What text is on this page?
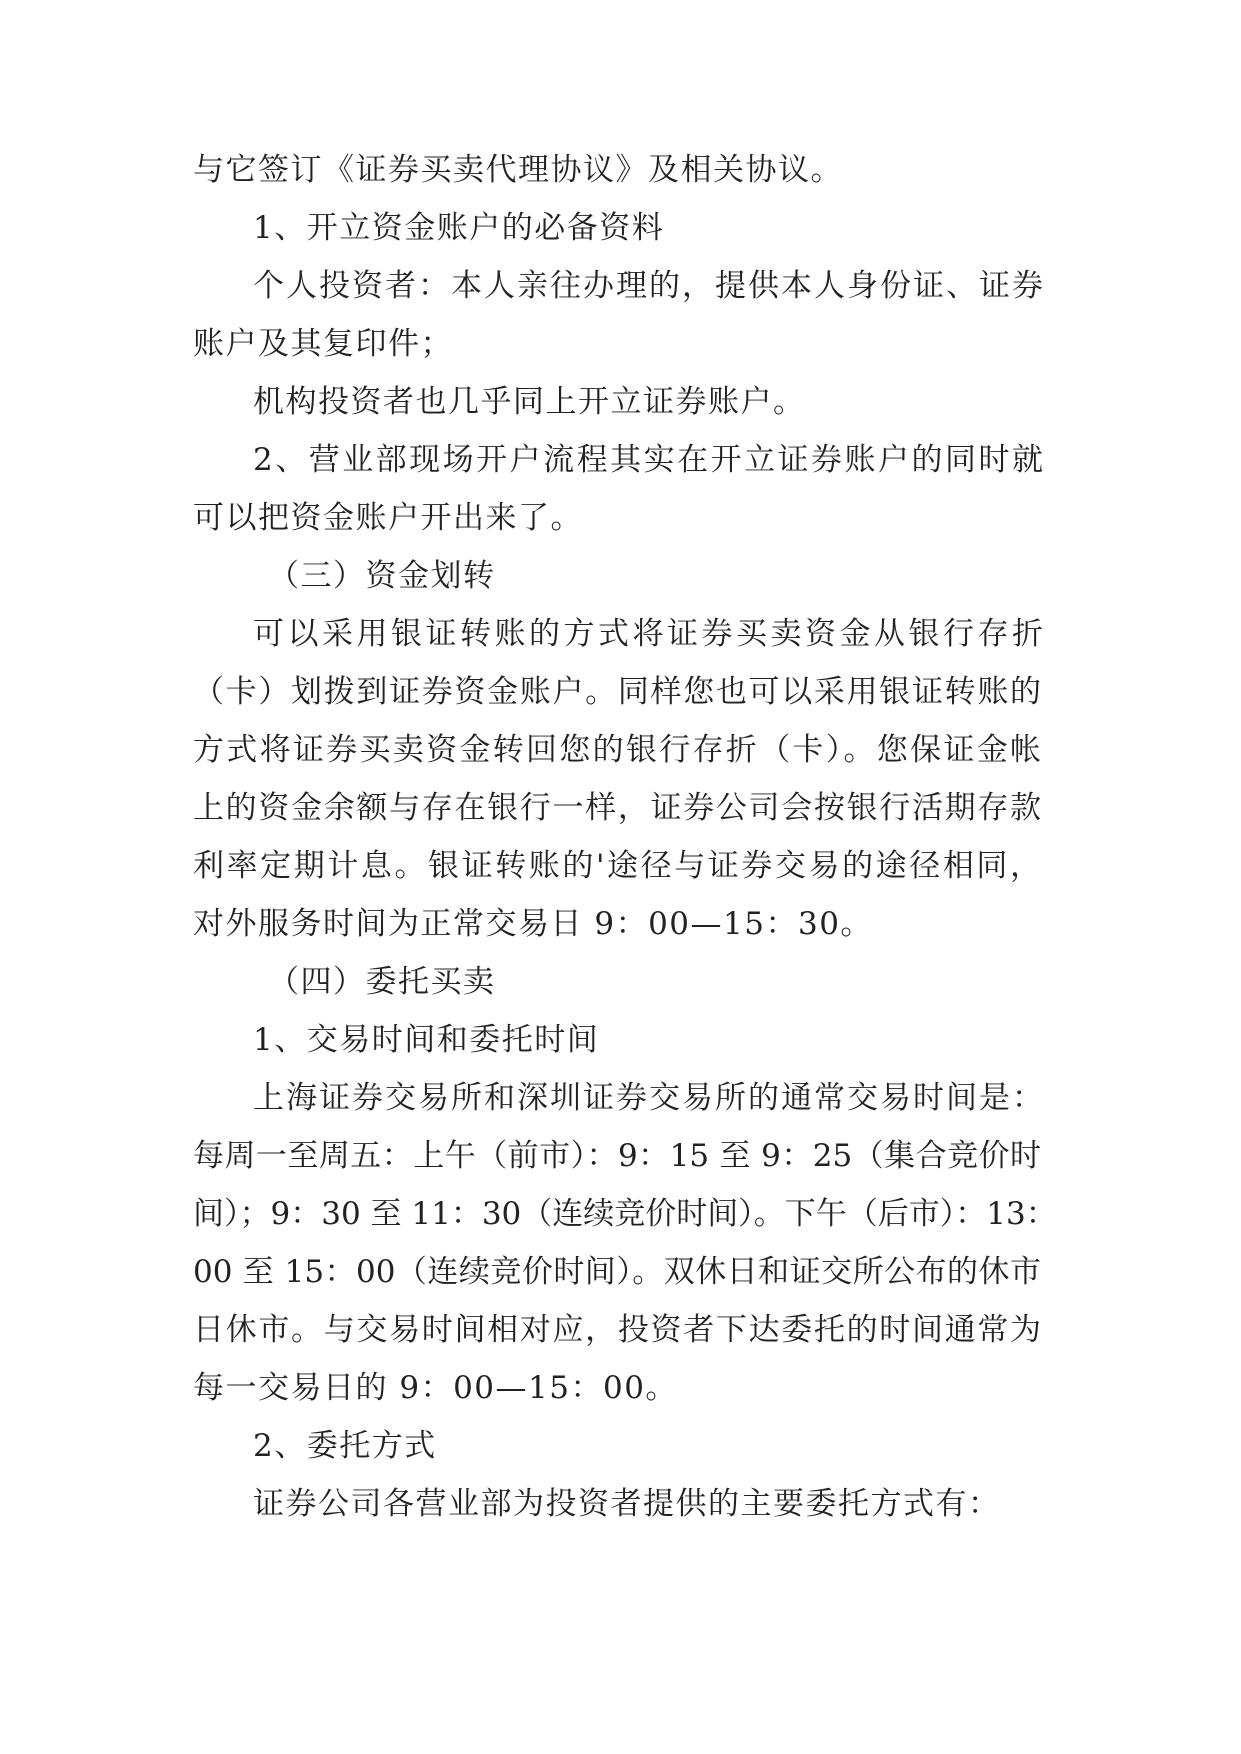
与它签订《证券买卖代理协议》及相关协议。
1、开立资金账户的必备资料
个人投资者：本人亲往办理的，提供本人身份证、证券
账户及其复印件；
机构投资者也几乎同上开立证券账户。
2、营业部现场开户流程其实在开立证券账户的同时就
可以把资金账户开出来了。
（三）资金划转
可以采用银证转账的方式将证券买卖资金从银行存折
（卡）划拨到证券资金账户。同样您也可以采用银证转账的
方式将证券买卖资金转回您的银行存折（卡）。您保证金帐
上的资金余额与存在银行一样，证券公司会按银行活期存款
利率定期计息。银证转账的'途径与证券交易的途径相同，
对外服务时间为正常交易日 9：00—15：30。
（四）委托买卖
1、交易时间和委托时间
上海证券交易所和深圳证券交易所的通常交易时间是：
每周一至周五：上午（前市）：9：15 至 9：25（集合竞价时
间）；9：30 至 11：30（连续竞价时间）。下午（后市）：13：
00 至 15：00（连续竞价时间）。双休日和证交所公布的休市
日休市。与交易时间相对应，投资者下达委托的时间通常为
每一交易日的 9：00—15：00。
2、委托方式
证券公司各营业部为投资者提供的主要委托方式有：
